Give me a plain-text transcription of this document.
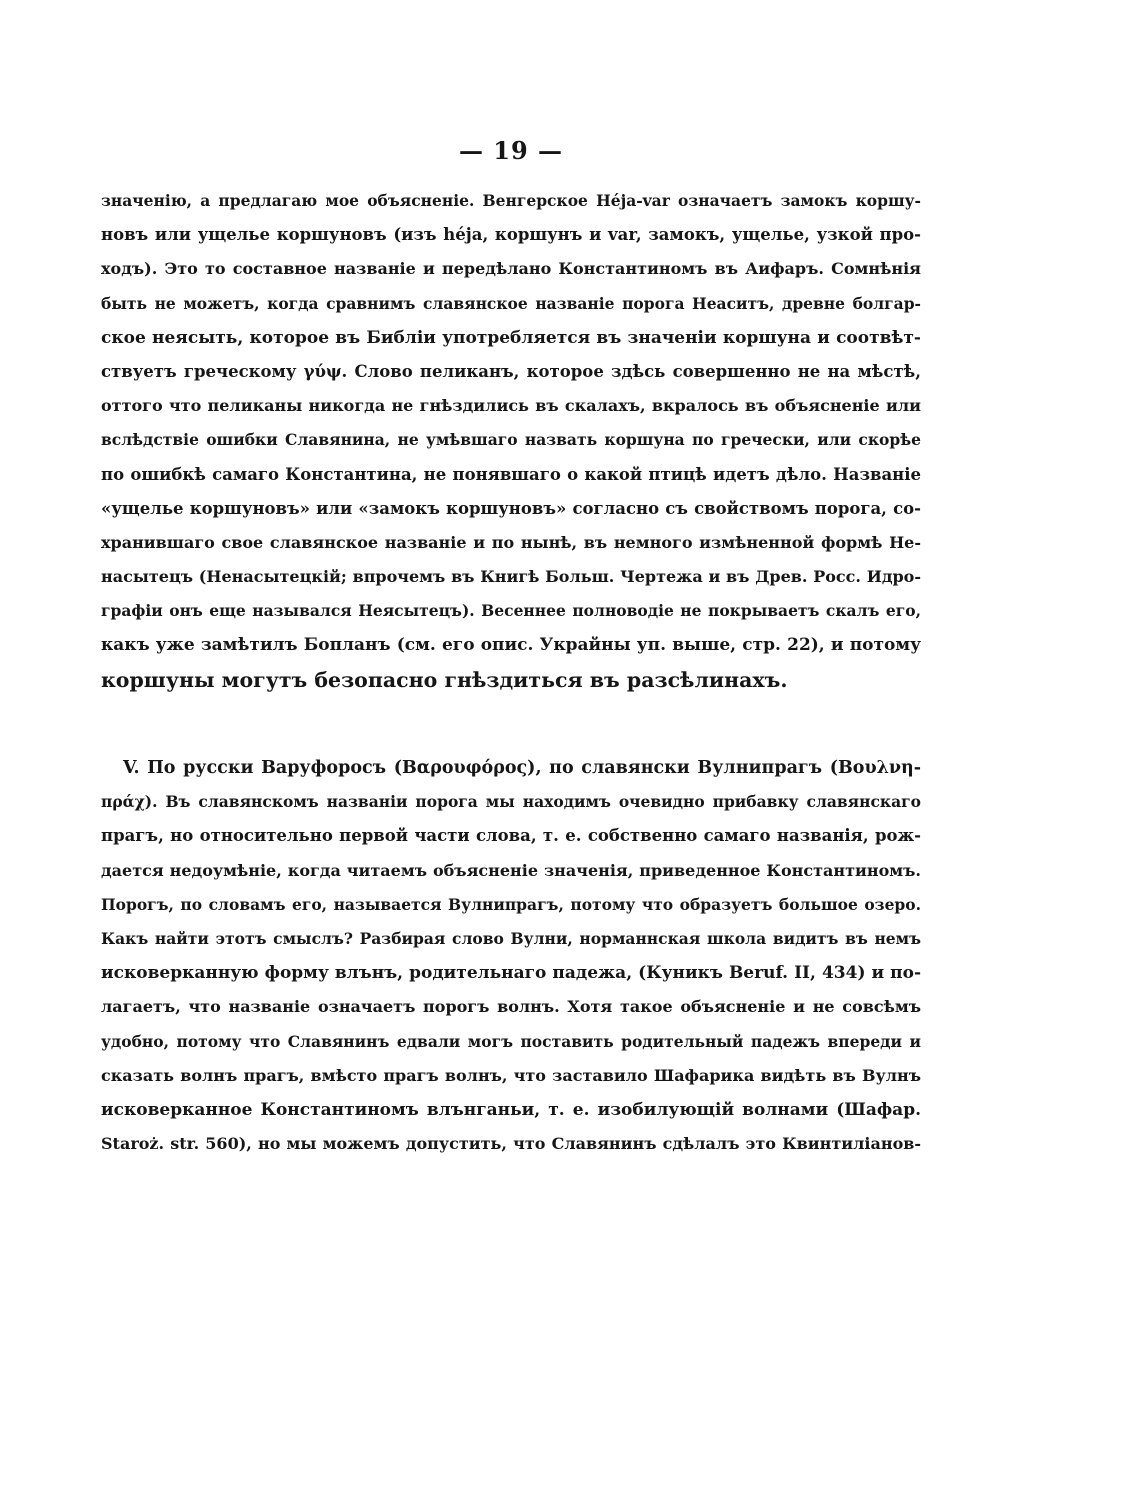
— 19 —
значенію, а предлагаю мое объясненіе. Венгерское Héja-var означаетъ замокъ коршу-
новъ или ущелье коршуновъ (изъ héja, коршунъ и var, замокъ, ущелье, узкой про-
ходъ). Это то составное названіе и передѣлано Константиномъ въ Аифаръ. Сомнѣнія
быть не можетъ, когда сравнимъ славянское названіе порога Неаситъ, древне болгар-
ское неясыть, которое въ Библіи употребляется въ значеніи коршуна и соотвѣт-
ствуетъ греческому γύψ. Слово пеликанъ, которое здѣсь совершенно не на мѣстѣ,
оттого что пеликаны никогда не гнѣздились въ скалахъ, вкралось въ объясненіе или
вслѣдствіе ошибки Славянина, не умѣвшаго назвать коршуна по гречески, или скорѣе
по ошибкѣ самаго Константина, не понявшаго о какой птицѣ идетъ дѣло. Названіе
«ущелье коршуновъ» или «замокъ коршуновъ» согласно съ свойствомъ порога, со-
хранившаго свое славянское названіе и по нынѣ, въ немного измѣненной формѣ Не-
насытецъ (Ненасытецкій; впрочемъ въ Книгѣ Больш. Чертежа и въ Древ. Росс. Идро-
графіи онъ еще назывался Неясытецъ). Весеннее полноводіе не покрываетъ скалъ его,
какъ уже замѣтилъ Бопланъ (см. его опис. Украйны уп. выше, стр. 22), и потому
коршуны могутъ безопасно гнѣздиться въ разсѣлинахъ.
V. По русски Варуфоросъ (Βαρουφόρος), по славянски Вулнипрагъ (Βουλνη-
πράχ). Въ славянскомъ названіи порога мы находимъ очевидно прибавку славянскаго
прагъ, но относительно первой части слова, т. е. собственно самаго названія, рож-
дается недоумѣніе, когда читаемъ объясненіе значенія, приведенное Константиномъ.
Порогъ, по словамъ его, называется Вулнипрагъ, потому что образуетъ большое озеро.
Какъ найти этотъ смыслъ? Разбирая слово Вулни, норманнская школа видитъ въ немъ
исковерканную форму влънъ, родительнаго падежа, (Куникъ Beruf. II, 434) и по-
лагаетъ, что названіе означаетъ порогъ волнъ. Хотя такое объясненіе и не совсѣмъ
удобно, потому что Славянинъ едвали могъ поставить родительный падежъ впереди и
сказать волнъ прагъ, вмѣсто прагъ волнъ, что заставило Шафарика видѣть въ Вулнъ
исковерканное Константиномъ влънганьи, т. е. изобилующій волнами (Шафар.
Staroż. str. 560), но мы можемъ допустить, что Славянинъ сдѣлалъ это Квинтиліанов-
